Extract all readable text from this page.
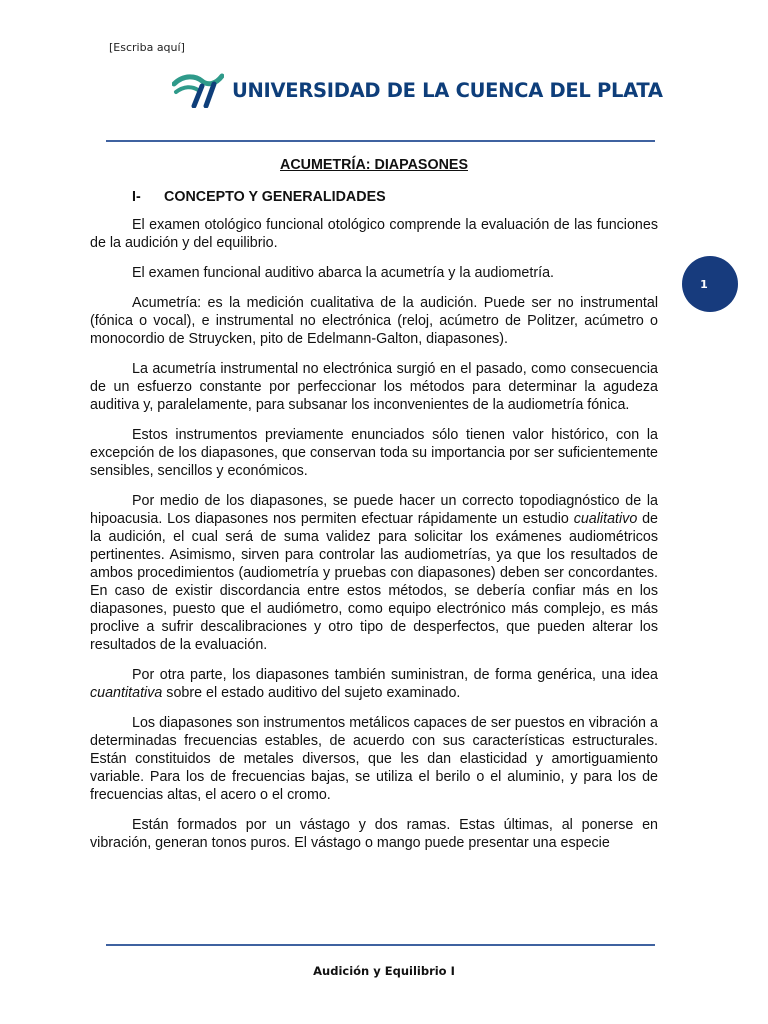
[Escriba aquí]
UNIVERSIDAD DE LA CUENCA DEL PLATA
1
ACUMETRÍA: DIAPASONES
I-	CONCEPTO Y GENERALIDADES

El examen otológico funcional otológico comprende la evaluación de las funciones de la audición y del equilibrio.

El examen funcional auditivo abarca la acumetría y la audiometría.

Acumetría: es la medición cualitativa de la audición. Puede ser no instrumental (fónica o vocal), e instrumental no electrónica (reloj, acúmetro de Politzer, acúmetro o monocordio de Struycken, pito de Edelmann-Galton, diapasones).

La acumetría instrumental no electrónica surgió en el pasado, como consecuencia de un esfuerzo constante por perfeccionar los métodos para determinar la agudeza auditiva y, paralelamente, para subsanar los inconvenientes de la audiometría fónica.

Estos instrumentos previamente enunciados sólo tienen valor histórico, con la excepción de los diapasones, que conservan toda su importancia por ser suficientemente sensibles, sencillos y económicos.

Por medio de los diapasones, se puede hacer un correcto topodiagnóstico de la hipoacusia. Los diapasones nos permiten efectuar rápidamente un estudio cualitativo de la audición, el cual será de suma validez para solicitar los exámenes audiométricos pertinentes. Asimismo, sirven para controlar las audiometrías, ya que los resultados de ambos procedimientos (audiometría y pruebas con diapasones) deben ser concordantes. En caso de existir discordancia entre estos métodos, se debería confiar más en los diapasones, puesto que el audiómetro, como equipo electrónico más complejo, es más proclive a sufrir descalibraciones y otro tipo de desperfectos, que pueden alterar los resultados de la evaluación.

Por otra parte, los diapasones también suministran, de forma genérica, una idea cuantitativa sobre el estado auditivo del sujeto examinado.

Los diapasones son instrumentos metálicos capaces de ser puestos en vibración a determinadas frecuencias estables, de acuerdo con sus características estructurales. Están constituidos de metales diversos, que les dan elasticidad y amortiguamiento variable. Para los de frecuencias bajas, se utiliza el berilo o el aluminio, y para los de frecuencias altas, el acero o el cromo.

Están formados por un vástago y dos ramas. Estas últimas, al ponerse en vibración, generan tonos puros. El vástago o mango puede presentar una especie

Audición y Equilibrio I
